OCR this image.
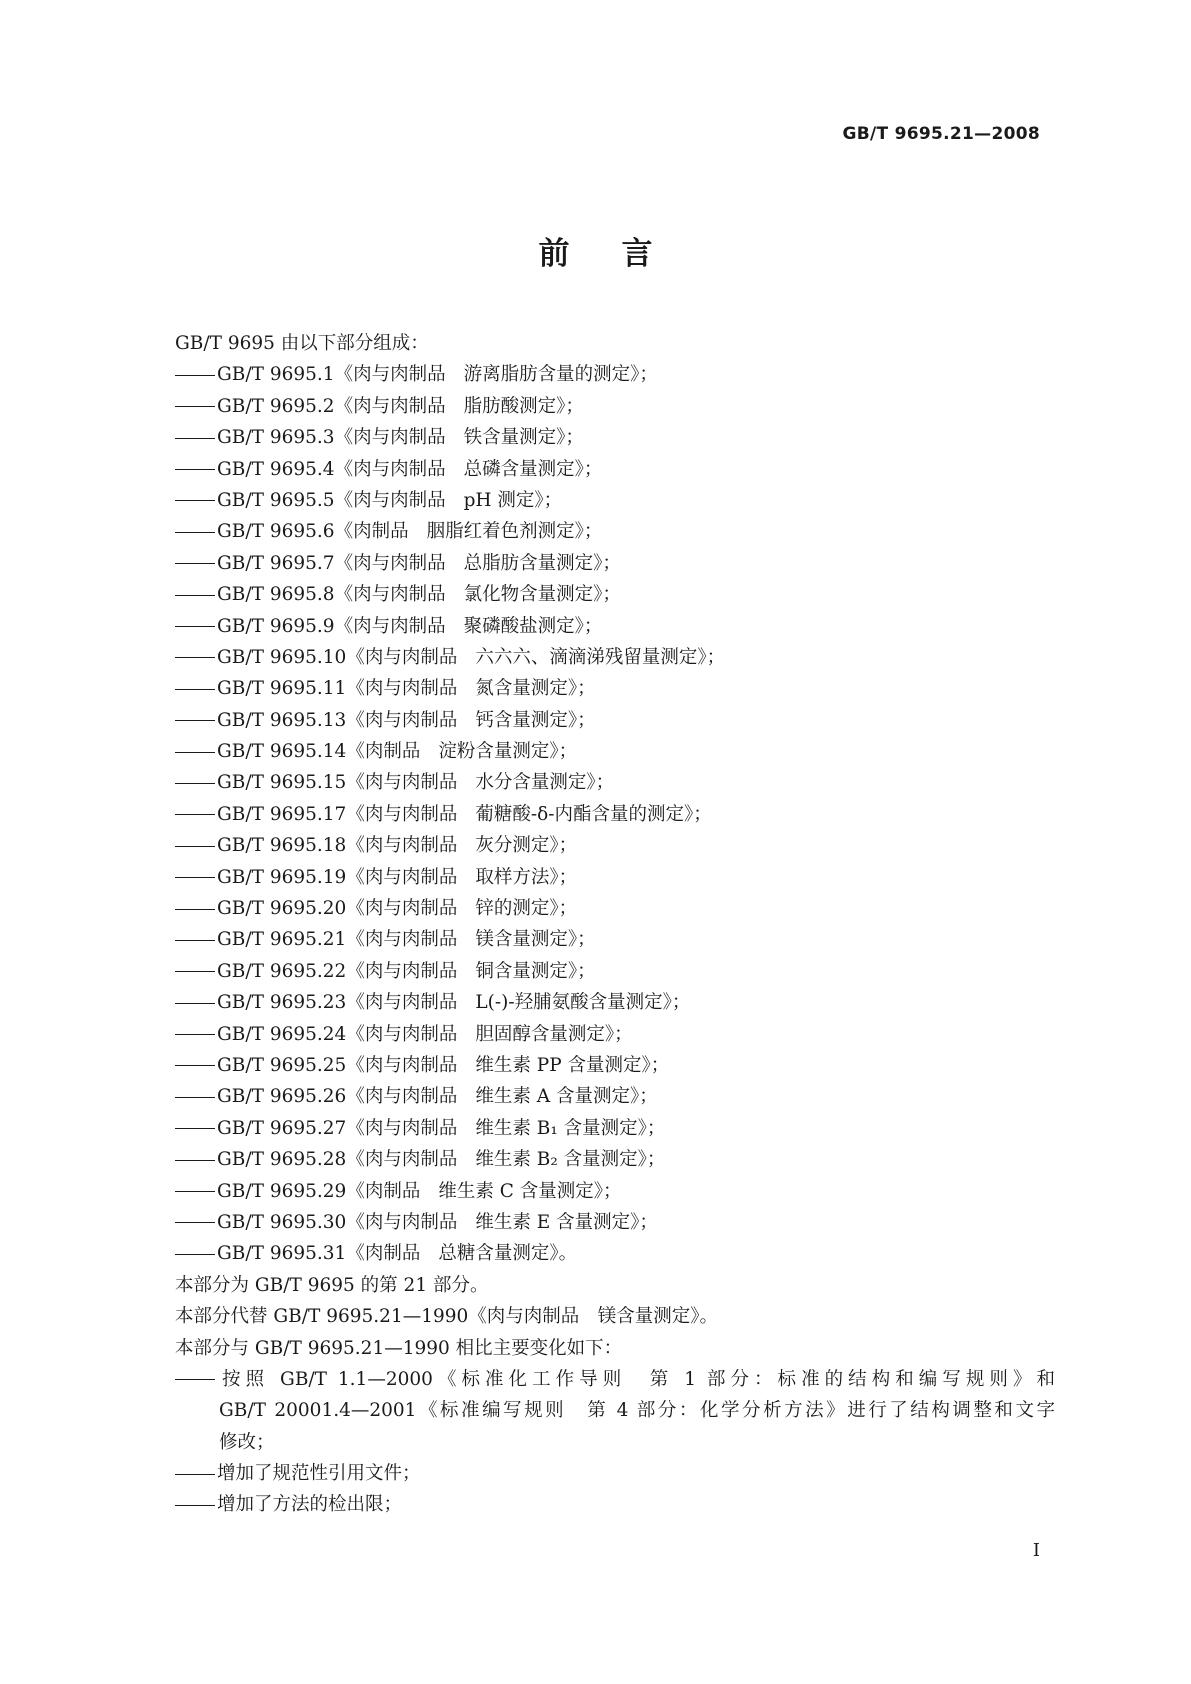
GB/T 9695.21—2008
前言
GB/T 9695 由以下部分组成：
GB/T 9695.1《肉与肉制品 游离脂肪含量的测定》；
GB/T 9695.2《肉与肉制品 脂肪酸测定》；
GB/T 9695.3《肉与肉制品 铁含量测定》；
GB/T 9695.4《肉与肉制品 总磷含量测定》；
GB/T 9695.5《肉与肉制品 pH 测定》；
GB/T 9695.6《肉制品 胭脂红着色剂测定》；
GB/T 9695.7《肉与肉制品 总脂肪含量测定》；
GB/T 9695.8《肉与肉制品 氯化物含量测定》；
GB/T 9695.9《肉与肉制品 聚磷酸盐测定》；
GB/T 9695.10《肉与肉制品 六六六、滴滴涕残留量测定》；
GB/T 9695.11《肉与肉制品 氮含量测定》；
GB/T 9695.13《肉与肉制品 钙含量测定》；
GB/T 9695.14《肉制品 淀粉含量测定》；
GB/T 9695.15《肉与肉制品 水分含量测定》；
GB/T 9695.17《肉与肉制品 葡糖酸-δ-内酯含量的测定》；
GB/T 9695.18《肉与肉制品 灰分测定》；
GB/T 9695.19《肉与肉制品 取样方法》；
GB/T 9695.20《肉与肉制品 锌的测定》；
GB/T 9695.21《肉与肉制品 镁含量测定》；
GB/T 9695.22《肉与肉制品 铜含量测定》；
GB/T 9695.23《肉与肉制品 L(-)-羟脯氨酸含量测定》；
GB/T 9695.24《肉与肉制品 胆固醇含量测定》；
GB/T 9695.25《肉与肉制品 维生素 PP 含量测定》；
GB/T 9695.26《肉与肉制品 维生素 A 含量测定》；
GB/T 9695.27《肉与肉制品 维生素 B₁ 含量测定》；
GB/T 9695.28《肉与肉制品 维生素 B₂ 含量测定》；
GB/T 9695.29《肉制品 维生素 C 含量测定》；
GB/T 9695.30《肉与肉制品 维生素 E 含量测定》；
GB/T 9695.31《肉制品 总糖含量测定》。
本部分为 GB/T 9695 的第 21 部分。
本部分代替 GB/T 9695.21—1990《肉与肉制品　镁含量测定》。
本部分与 GB/T 9695.21—1990 相比主要变化如下：
按照 GB/T 1.1—2000《标准化工作导则　第 1 部分：标准的结构和编写规则》和
GB/T 20001.4—2001《标准编写规则　第 4 部分：化学分析方法》进行了结构调整和文字
修改；
增加了规范性引用文件；
增加了方法的检出限；
I
